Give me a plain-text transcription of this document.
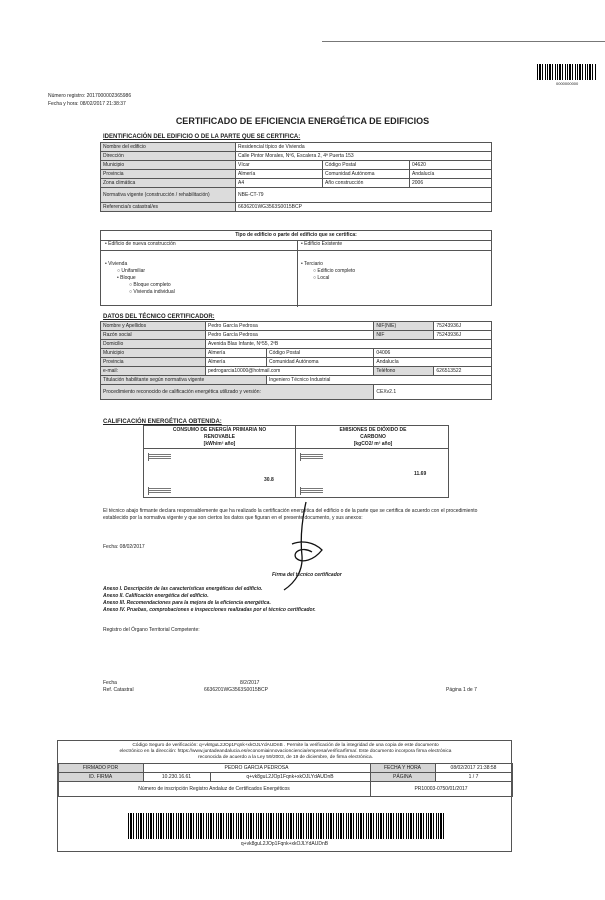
0000000000
Número registro: 2017000002365986
Fecha y hora: 08/02/2017 21:38:37
CERTIFICADO DE EFICIENCIA ENERGÉTICA DE EDIFICIOS
IDENTIFICACIÓN DEL EDIFICIO O DE LA PARTE QUE SE CERTIFICA:
Nombre del edificio	Residencial típico de Vivienda		
Dirección	Calle Pintor Morales, Nº6, Escalera 2, 4ª Puerta 153		
Municipio	Vícar	Código Postal	04620
Provincia	Almería	Comunidad Autónoma	Andalucía
Zona climática	A4	Año construcción	2006
Normativa vigente (construcción / rehabilitación)	NBE-CT-79		
Referencia/s catastral/es	6636201WG3563S0015BCP		
Tipo de edificio o parte del edificio que se certifica:
• Edificio de nueva construcción	• Edificio Existente
• Vivienda
○ Unifamiliar
• Bloque
○ Bloque completo
○ Vivienda individual
• Terciario
○ Edificio completo
○ Local
DATOS DEL TÉCNICO CERTIFICADOR:
Nombre y Apellidos	Pedro García Pedrosa		NIF(NIE)	75243936J
Razón social	Pedro García Pedrosa		NIF	75243936J
Domicilio	Avenida Blas Infante, Nº55, 2ºB			
Municipio	Almería	Código Postal	04006	
Provincia	Almería	Comunidad Autónoma	Andalucía	
e-mail:	pedrogarcia10000@hotmail.com		Teléfono	626513522
Titulación habilitante según normativa vigente		Ingeniero Técnico Industrial		
Procedimiento reconocido de calificación energética utilizado y versión:			CEXv2.1	
CALIFICACIÓN ENERGÉTICA OBTENIDA:
CONSUMO DE ENERGÍA PRIMARIA NO RENOVABLE
[kWh/m² año]
EMISIONES DE DIÓXIDO DE CARBONO
[kgCO2/ m² año]
30.8
11.69
El técnico abajo firmante declara responsablemente que ha realizado la certificación energética del edificio o de la parte que se certifica de acuerdo con el procedimiento establecido por la normativa vigente y que son ciertos los datos que figuran en el presente documento, y sus anexos:
Fecha: 08/02/2017
Firma del técnico certificador
Anexo I. Descripción de las características energéticas del edificio.
Anexo II. Calificación energética del edificio.
Anexo III. Recomendaciones para la mejora de la eficiencia energética.
Anexo IV. Pruebas, comprobaciones e inspecciones realizadas por el técnico certificador.
Registro del Órgano Territorial Competente:
Fecha
Ref. Catastral
8/2/2017
6636201WG3563S0015BCP	Página 1 de 7
Código Seguro de verificación: q+vk8guL2JOp1Fqnk+xkOJLYdAUDnB . Permite la verificación de la integridad de una copia de este documento
electrónico en la dirección: https://www.juntadeandalucia.es/economiainnovacionciencia/empresa/verificarfirma/. Este documento incorpora firma electrónica
reconocida de acuerdo a la Ley 59/2003, de 19 de diciembre, de firma electrónica.
FIRMADO POR	PEDRO GARCIA PEDROSA		FECHA Y HORA	08/02/2017 21:38:58
ID. FIRMA	10.230.16.61	q+vk8guL2JOp1Fqnk+xkOJLYdAUDnB	PÁGINA	1 / 7
Número de inscripción Registro Andaluz de Certificados Energéticos			PR10003-0750/01/2017	
q+vk8guL2JOp1Fqnk+xkOJLYdAUDnB
